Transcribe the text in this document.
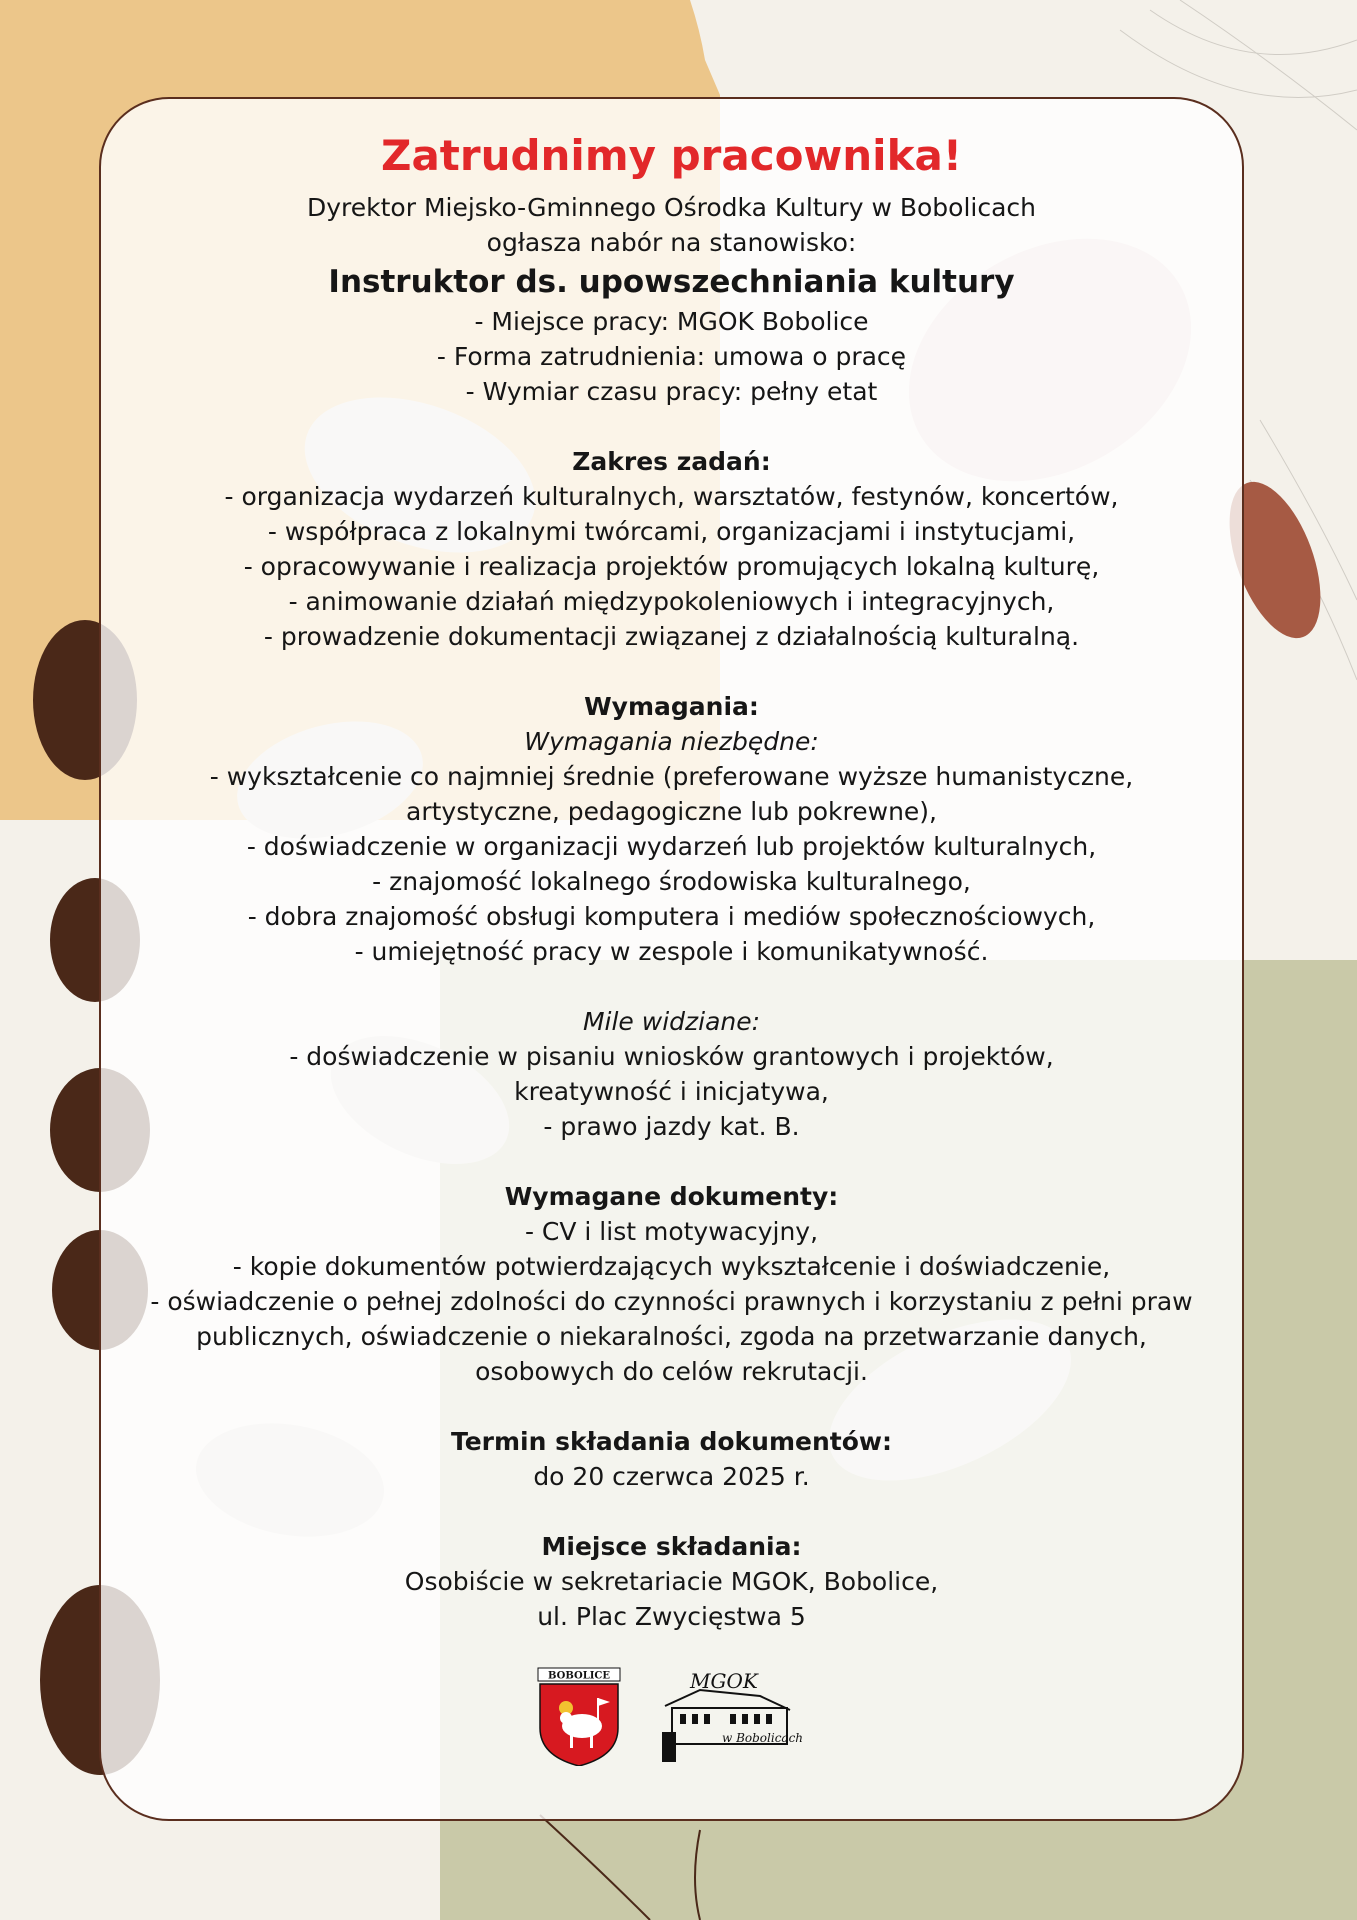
Zatrudnimy pracownika!
Dyrektor Miejsko-Gminnego Ośrodka Kultury w Bobolicach
ogłasza nabór na stanowisko:
Instruktor ds. upowszechniania kultury
- Miejsce pracy: MGOK Bobolice
- Forma zatrudnienia: umowa o pracę
- Wymiar czasu pracy: pełny etat
Zakres zadań:
- organizacja wydarzeń kulturalnych, warsztatów, festynów, koncertów,
- współpraca z lokalnymi twórcami, organizacjami i instytucjami,
- opracowywanie i realizacja projektów promujących lokalną kulturę,
- animowanie działań międzypokoleniowych i integracyjnych,
- prowadzenie dokumentacji związanej z działalnością kulturalną.
Wymagania:
Wymagania niezbędne:
- wykształcenie co najmniej średnie (preferowane wyższe humanistyczne,
artystyczne, pedagogiczne lub pokrewne),
- doświadczenie w organizacji wydarzeń lub projektów kulturalnych,
- znajomość lokalnego środowiska kulturalnego,
- dobra znajomość obsługi komputera i mediów społecznościowych,
- umiejętność pracy w zespole i komunikatywność.
Mile widziane:
- doświadczenie w pisaniu wniosków grantowych i projektów,
kreatywność i inicjatywa,
- prawo jazdy kat. B.
Wymagane dokumenty:
- CV i list motywacyjny,
- kopie dokumentów potwierdzających wykształcenie i doświadczenie,
- oświadczenie o pełnej zdolności do czynności prawnych i korzystaniu z pełni praw
publicznych, oświadczenie o niekaralności, zgoda na przetwarzanie danych,
osobowych do celów rekrutacji.
Termin składania dokumentów:
do 20 czerwca 2025 r.
Miejsce składania:
Osobiście w sekretariacie MGOK, Bobolice,
ul. Plac Zwycięstwa 5
BOBOLICE	MGOK
w Bobolicach
